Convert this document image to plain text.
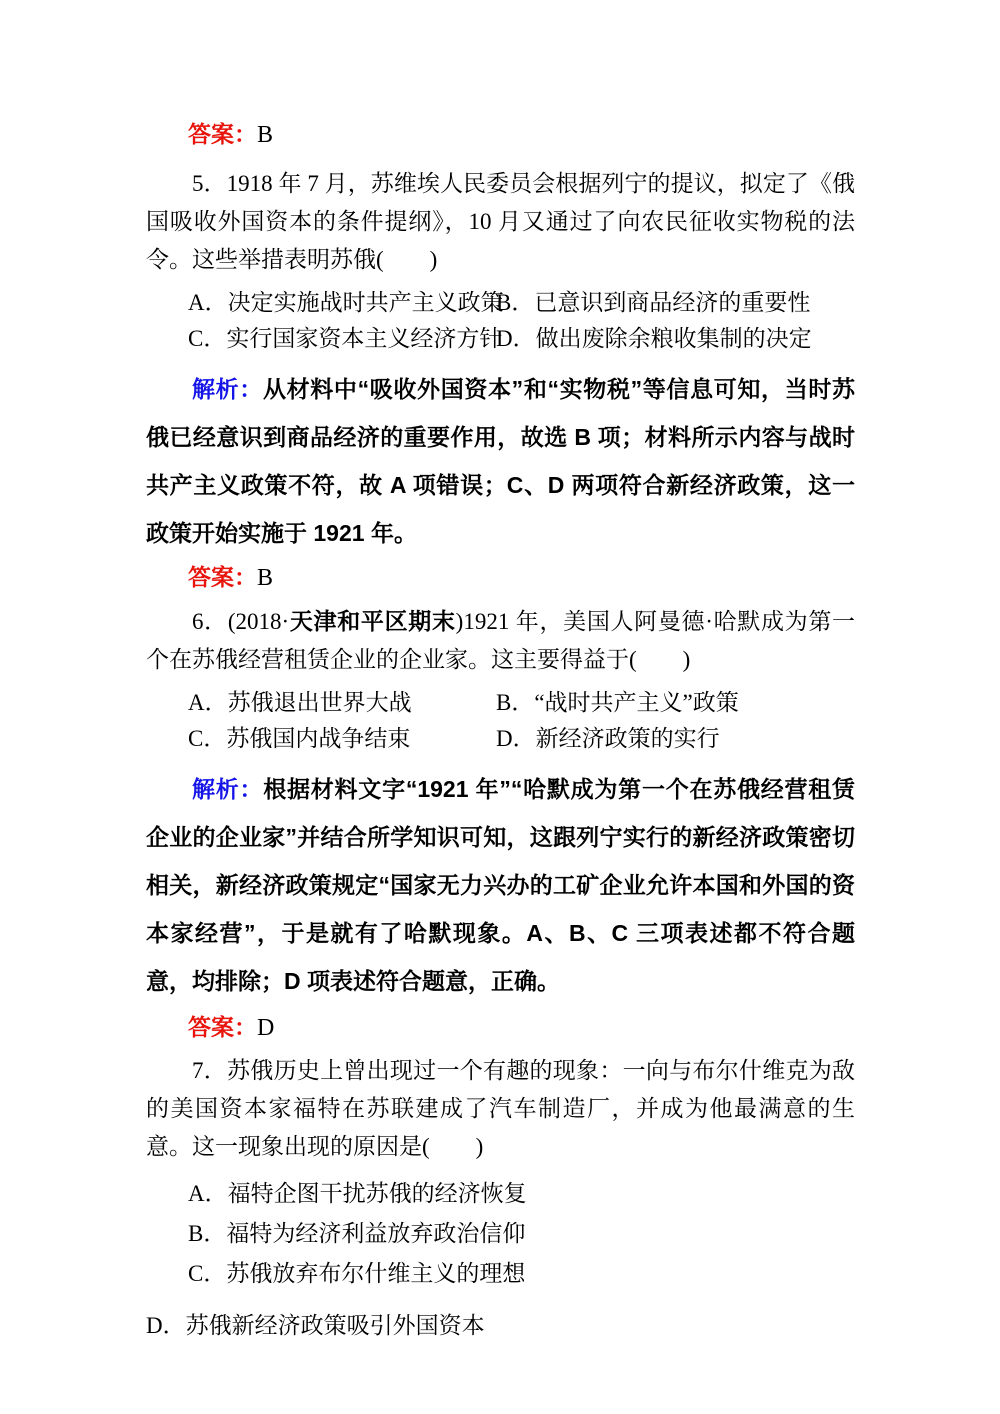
答案：B

5．1918 年 7 月，苏维埃人民委员会根据列宁的提议，拟定了《俄国吸收外国资本的条件提纲》，10 月又通过了向农民征收实物税的法令。这些举措表明苏俄(　　)

A．决定实施战时共产主义政策
B．已意识到商品经济的重要性
C．实行国家资本主义经济方针
D．做出废除余粮收集制的决定

解析：从材料中“吸收外国资本”和“实物税”等信息可知，当时苏俄已经意识到商品经济的重要作用，故选 B 项；材料所示内容与战时共产主义政策不符，故 A 项错误；C、D 两项符合新经济政策，这一政策开始实施于 1921 年。

答案：B

6．(2018·天津和平区期末)1921 年，美国人阿曼德·哈默成为第一个在苏俄经营租赁企业的企业家。这主要得益于(　　)

A．苏俄退出世界大战	B．“战时共产主义”政策
C．苏俄国内战争结束	D．新经济政策的实行

解析：根据材料文字“1921 年”“哈默成为第一个在苏俄经营租赁企业的企业家”并结合所学知识可知，这跟列宁实行的新经济政策密切相关，新经济政策规定“国家无力兴办的工矿企业允许本国和外国的资本家经营”，于是就有了哈默现象。A、B、C 三项表述都不符合题意，均排除；D 项表述符合题意，正确。

答案：D

7．苏俄历史上曾出现过一个有趣的现象：一向与布尔什维克为敌的美国资本家福特在苏联建成了汽车制造厂，并成为他最满意的生意。这一现象出现的原因是(　　)

A．福特企图干扰苏俄的经济恢复
B．福特为经济利益放弃政治信仰
C．苏俄放弃布尔什维主义的理想

D．苏俄新经济政策吸引外国资本
